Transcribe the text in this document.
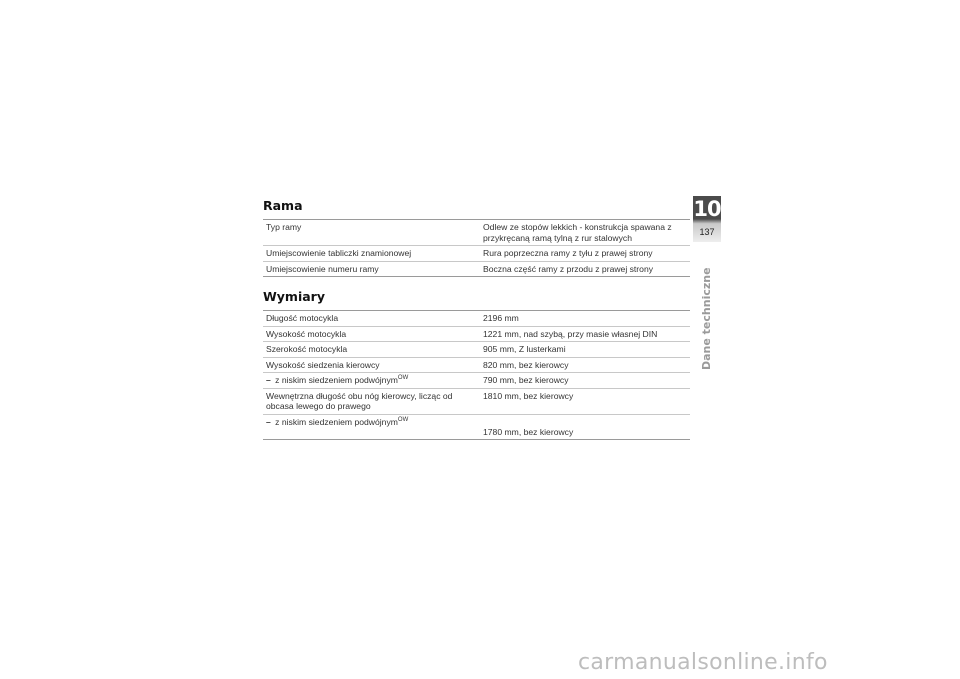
Rama
Typ ramy	Odlew ze stopów lekkich - konstrukcja spawana z przykręcaną ramą tylną z rur stalowych
Umiejscowienie tabliczki znamionowej	Rura poprzeczna ramy z tyłu z prawej strony
Umiejscowienie numeru ramy	Boczna część ramy z przodu z prawej strony
Wymiary
Długość motocykla	2196 mm
Wysokość motocykla	1221 mm, nad szybą, przy masie własnej DIN
Szerokość motocykla	905 mm, Z lusterkami
Wysokość siedzenia kierowcy	820 mm, bez kierowcy
– z niskim siedzeniem podwójnym$^{OW}$	790 mm, bez kierowcy
Wewnętrzna długość obu nóg kierowcy, licząc od obcasa lewego do prawego	1810 mm, bez kierowcy
– z niskim siedzeniem podwójnym$^{OW}$	1780 mm, bez kierowcy
10
137
Dane techniczne
carmanualsonline.info
